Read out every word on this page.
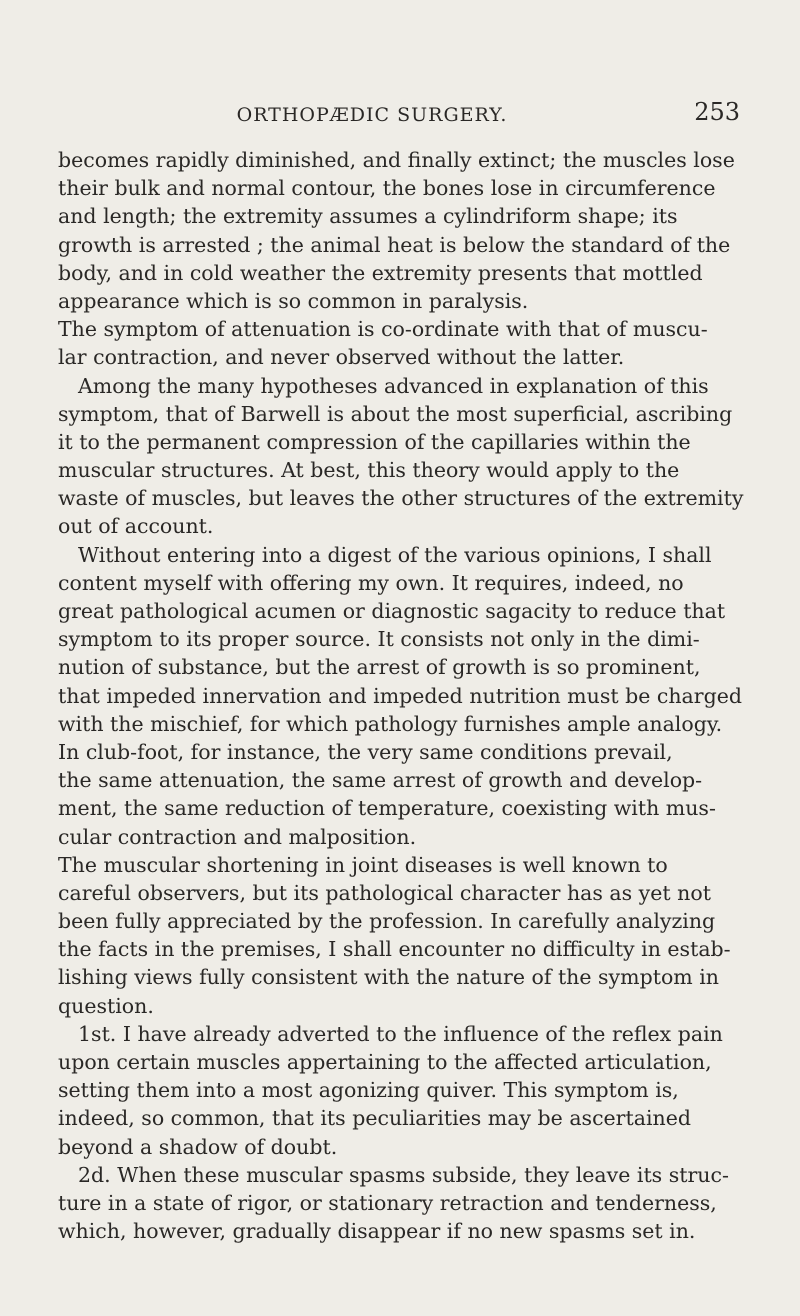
ORTHOPÆDIC SURGERY.	253
becomes rapidly diminished, and finally extinct; the muscles lose
their bulk and normal contour, the bones lose in circumference
and length; the extremity assumes a cylindriform shape; its
growth is arrested ; the animal heat is below the standard of the
body, and in cold weather the extremity presents that mottled
appearance which is so common in paralysis.
The symptom of attenuation is co-ordinate with that of muscu-
lar contraction, and never observed without the latter.
Among the many hypotheses advanced in explanation of this
symptom, that of Barwell is about the most superficial, ascribing
it to the permanent compression of the capillaries within the
muscular structures. At best, this theory would apply to the
waste of muscles, but leaves the other structures of the extremity
out of account.
Without entering into a digest of the various opinions, I shall
content myself with offering my own. It requires, indeed, no
great pathological acumen or diagnostic sagacity to reduce that
symptom to its proper source. It consists not only in the dimi-
nution of substance, but the arrest of growth is so prominent,
that impeded innervation and impeded nutrition must be charged
with the mischief, for which pathology furnishes ample analogy.
In club-foot, for instance, the very same conditions prevail,
the same attenuation, the same arrest of growth and develop-
ment, the same reduction of temperature, coexisting with mus-
cular contraction and malposition.
The muscular shortening in joint diseases is well known to
careful observers, but its pathological character has as yet not
been fully appreciated by the profession. In carefully analyzing
the facts in the premises, I shall encounter no difficulty in estab-
lishing views fully consistent with the nature of the symptom in
question.
1st. I have already adverted to the influence of the reflex pain
upon certain muscles appertaining to the affected articulation,
setting them into a most agonizing quiver. This symptom is,
indeed, so common, that its peculiarities may be ascertained
beyond a shadow of doubt.
2d. When these muscular spasms subside, they leave its struc-
ture in a state of rigor, or stationary retraction and tenderness,
which, however, gradually disappear if no new spasms set in.
